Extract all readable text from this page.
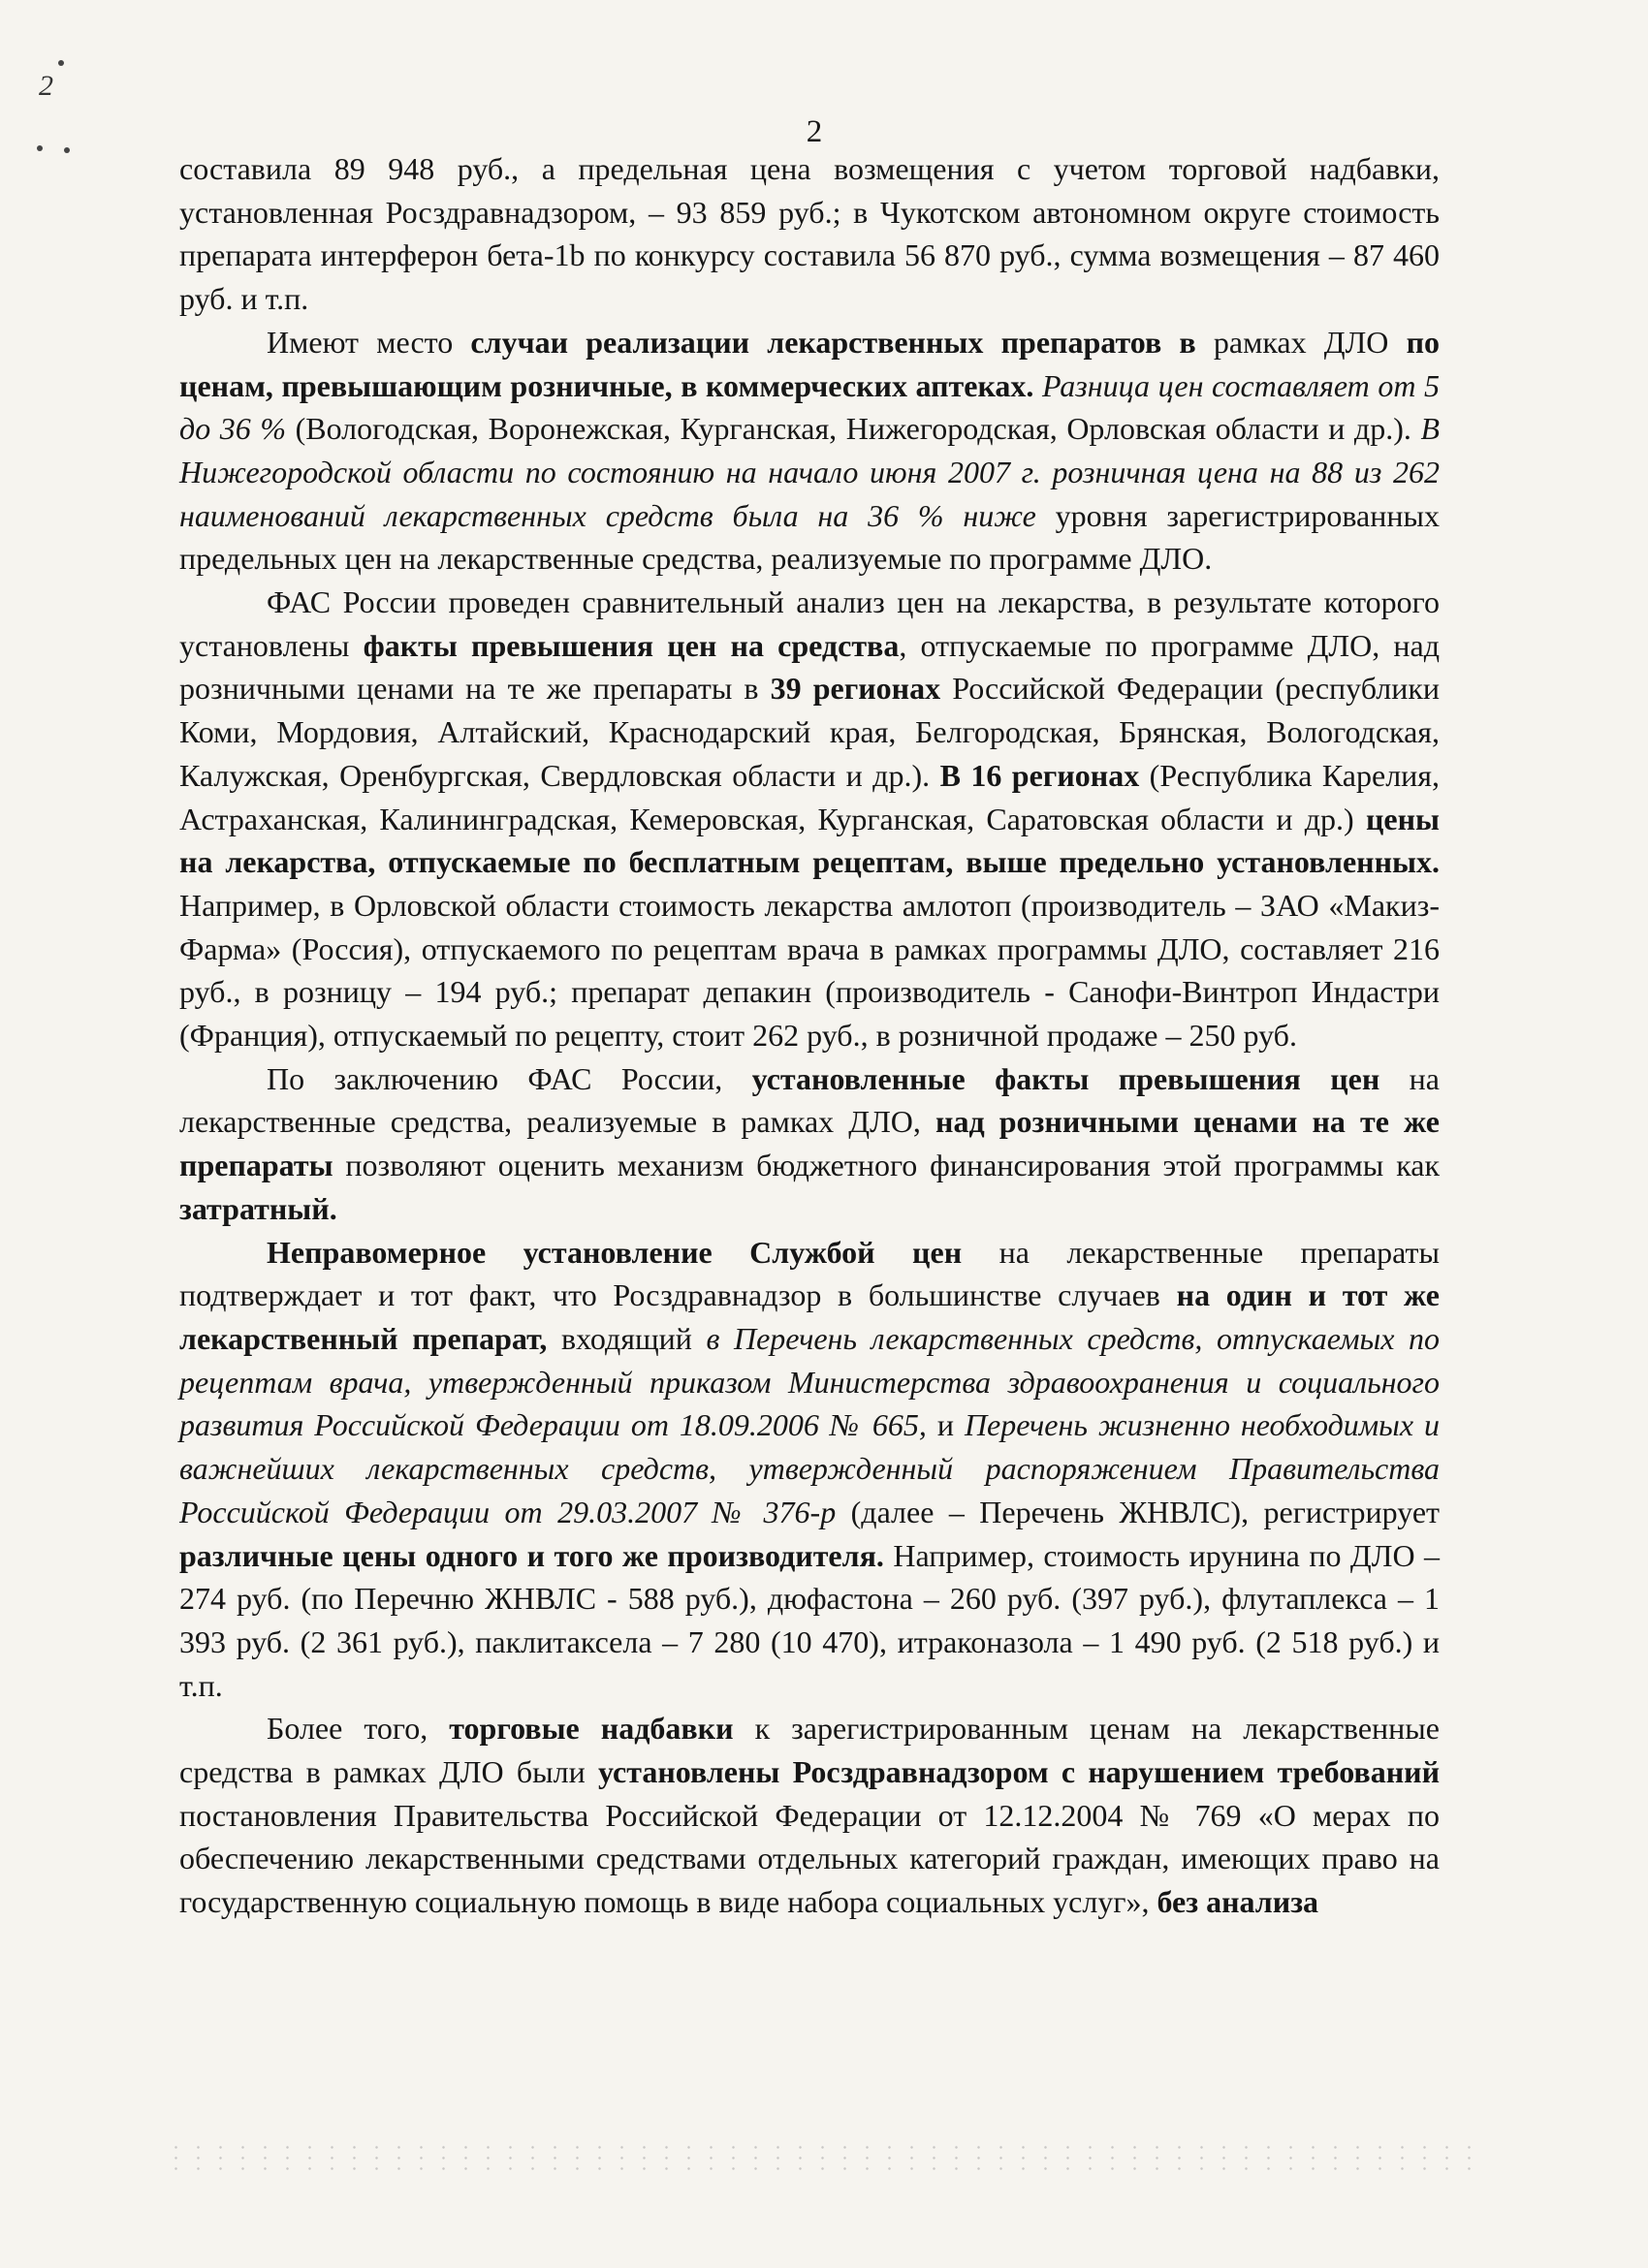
2
2

составила 89 948 руб., а предельная цена возмещения с учетом торговой надбавки, установленная Росздравнадзором, – 93 859 руб.; в Чукотском автономном округе стоимость препарата интерферон бета-1b по конкурсу составила 56 870 руб., сумма возмещения – 87 460 руб. и т.п.

Имеют место случаи реализации лекарственных препаратов в рамках ДЛО по ценам, превышающим розничные, в коммерческих аптеках. Разница цен составляет от 5 до 36 % (Вологодская, Воронежская, Курганская, Нижегородская, Орловская области и др.). В Нижегородской области по состоянию на начало июня 2007 г. розничная цена на 88 из 262 наименований лекарственных средств была на 36 % ниже уровня зарегистрированных предельных цен на лекарственные средства, реализуемые по программе ДЛО.

ФАС России проведен сравнительный анализ цен на лекарства, в результате которого установлены факты превышения цен на средства, отпускаемые по программе ДЛО, над розничными ценами на те же препараты в 39 регионах Российской Федерации (республики Коми, Мордовия, Алтайский, Краснодарский края, Белгородская, Брянская, Вологодская, Калужская, Оренбургская, Свердловская области и др.). В 16 регионах (Республика Карелия, Астраханская, Калининградская, Кемеровская, Курганская, Саратовская области и др.) цены на лекарства, отпускаемые по бесплатным рецептам, выше предельно установленных. Например, в Орловской области стоимость лекарства амлотоп (производитель – ЗАО «Макиз-Фарма» (Россия), отпускаемого по рецептам врача в рамках программы ДЛО, составляет 216 руб., в розницу – 194 руб.; препарат депакин (производитель - Санофи-Винтроп Индастри (Франция), отпускаемый по рецепту, стоит 262 руб., в розничной продаже – 250 руб.

По заключению ФАС России, установленные факты превышения цен на лекарственные средства, реализуемые в рамках ДЛО, над розничными ценами на те же препараты позволяют оценить механизм бюджетного финансирования этой программы как затратный.

Неправомерное установление Службой цен на лекарственные препараты подтверждает и тот факт, что Росздравнадзор в большинстве случаев на один и тот же лекарственный препарат, входящий в Перечень лекарственных средств, отпускаемых по рецептам врача, утвержденный приказом Министерства здравоохранения и социального развития Российской Федерации от 18.09.2006 № 665, и Перечень жизненно необходимых и важнейших лекарственных средств, утвержденный распоряжением Правительства Российской Федерации от 29.03.2007 № 376-р (далее – Перечень ЖНВЛС), регистрирует различные цены одного и того же производителя. Например, стоимость ирунина по ДЛО – 274 руб. (по Перечню ЖНВЛС - 588 руб.), дюфастона – 260 руб. (397 руб.), флутаплекса – 1 393 руб. (2 361 руб.), паклитаксела – 7 280 (10 470), итраконазола – 1 490 руб. (2 518 руб.) и т.п.

Более того, торговые надбавки к зарегистрированным ценам на лекарственные средства в рамках ДЛО были установлены Росздравнадзором с нарушением требований постановления Правительства Российской Федерации от 12.12.2004 № 769 «О мерах по обеспечению лекарственными средствами отдельных категорий граждан, имеющих право на государственную социальную помощь в виде набора социальных услуг», без анализа
